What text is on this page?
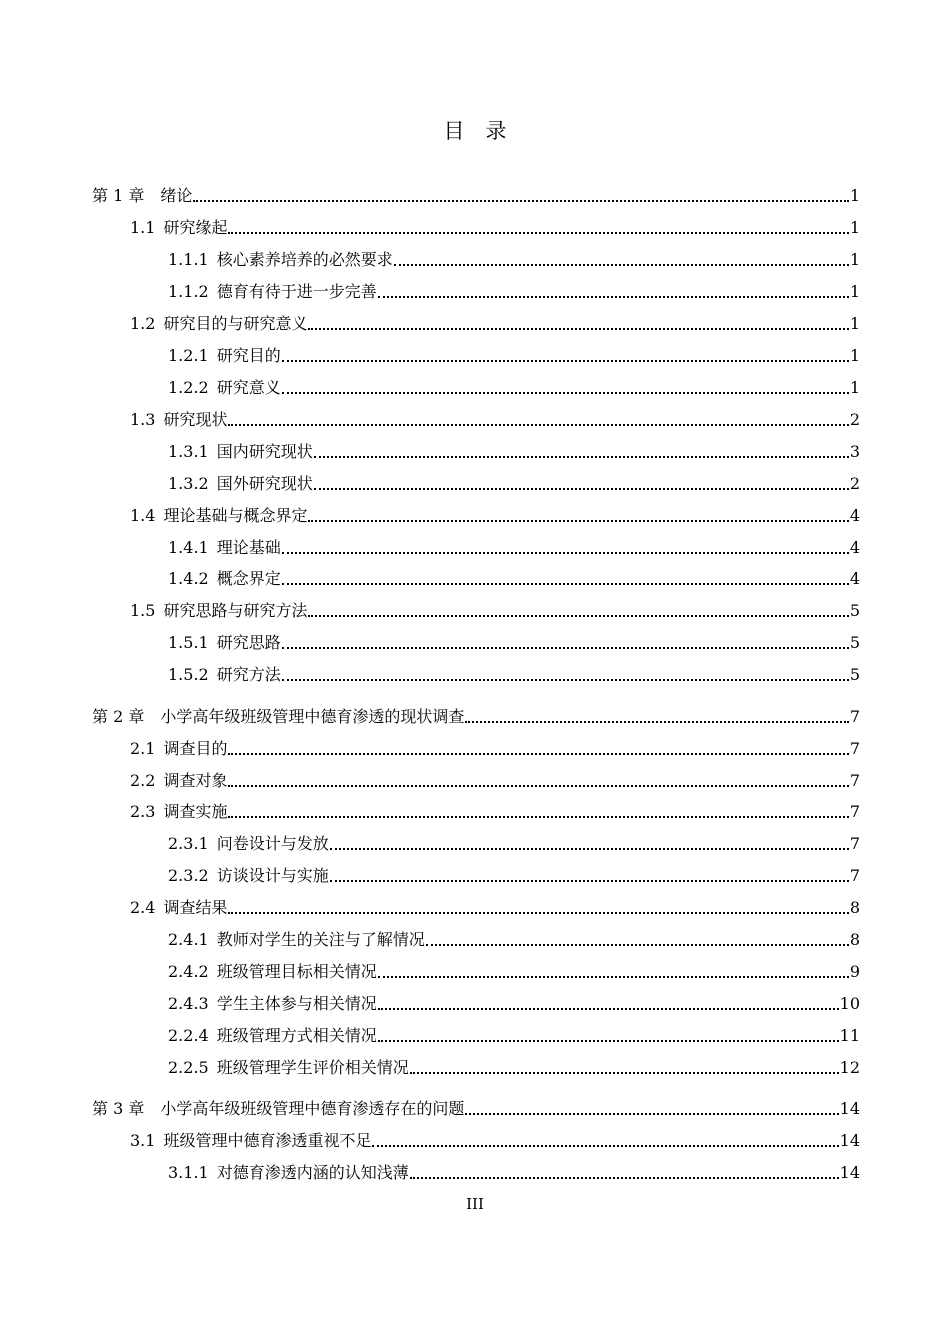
目　录
第 1 章 绪论	1
1.1 研究缘起	1
1.1.1 核心素养培养的必然要求	1
1.1.2 德育有待于进一步完善	1
1.2 研究目的与研究意义	1
1.2.1 研究目的	1
1.2.2 研究意义	1
1.3 研究现状	2
1.3.1 国内研究现状	3
1.3.2 国外研究现状	2
1.4 理论基础与概念界定	4
1.4.1 理论基础	4
1.4.2 概念界定	4
1.5 研究思路与研究方法	5
1.5.1 研究思路	5
1.5.2 研究方法	5
第 2 章 小学高年级班级管理中德育渗透的现状调查	7
2.1 调查目的	7
2.2 调查对象	7
2.3 调查实施	7
2.3.1 问卷设计与发放	7
2.3.2 访谈设计与实施	7
2.4 调查结果	8
2.4.1 教师对学生的关注与了解情况	8
2.4.2 班级管理目标相关情况	9
2.4.3 学生主体参与相关情况	10
2.2.4 班级管理方式相关情况	11
2.2.5 班级管理学生评价相关情况	12
第 3 章 小学高年级班级管理中德育渗透存在的问题	14
3.1 班级管理中德育渗透重视不足	14
3.1.1 对德育渗透内涵的认知浅薄	14
III
